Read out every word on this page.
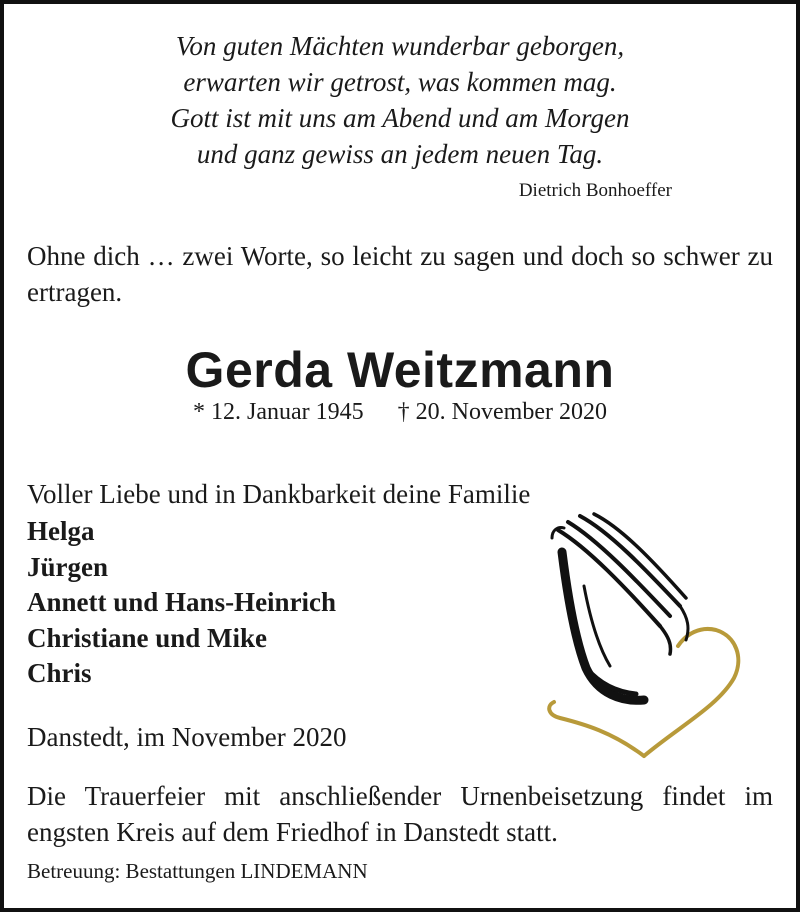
Von guten Mächten wunderbar geborgen,
erwarten wir getrost, was kommen mag.
Gott ist mit uns am Abend und am Morgen
und ganz gewiss an jedem neuen Tag.
Dietrich Bonhoeffer
Ohne dich … zwei Worte, so leicht zu sagen und doch so schwer zu ertragen.
Gerda Weitzmann
* 12. Januar 1945 † 20. November 2020
Voller Liebe und in Dankbarkeit deine Familie
Helga
Jürgen
Annett und Hans-Heinrich
Christiane und Mike
Chris
Danstedt, im November 2020
Die Trauerfeier mit anschließender Urnenbeisetzung findet im engsten Kreis auf dem Friedhof in Danstedt statt.
Betreuung: Bestattungen LINDEMANN
